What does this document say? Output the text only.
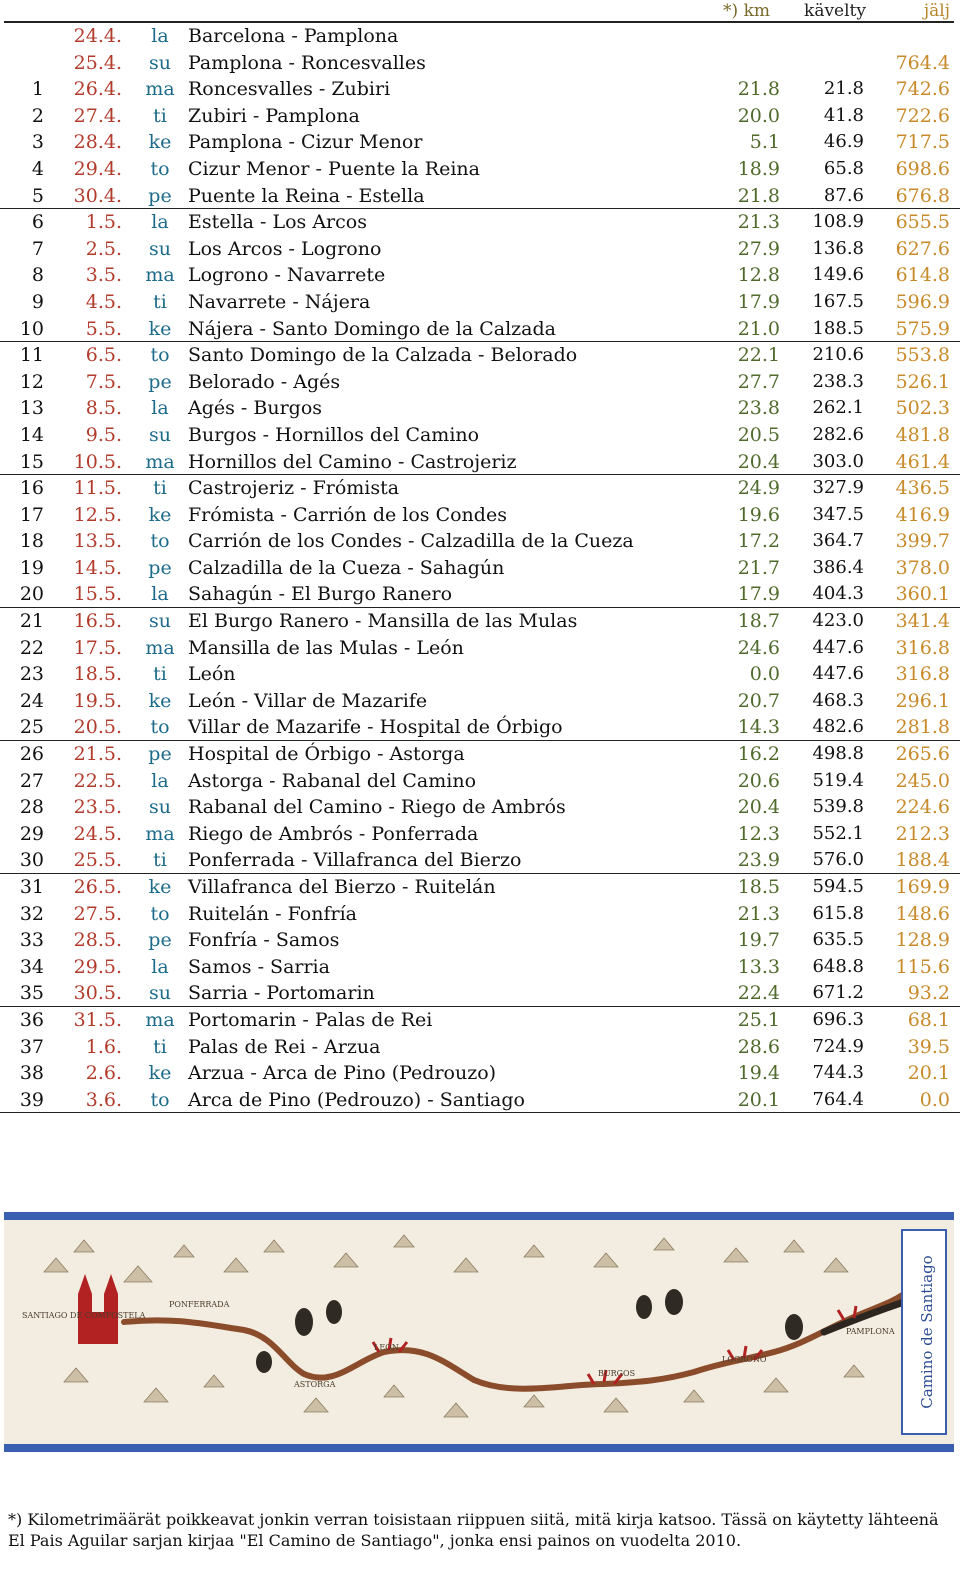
*) km kävelty	jälj
24.4.	la	Barcelona - Pamplona
25.4.	su Pamplona - Roncesvalles	764.4
1	26.4. ma Roncesvalles - Zubiri	21.8 21.8 742.6
2	27.4.	ti	Zubiri - Pamplona	20.0 41.8 722.6
3	28.4.	ke Pamplona - Cizur Menor	5.1 46.9 717.5
4	29.4.	to Cizur Menor - Puente la Reina	18.9 65.8 698.6
5	30.4.	pe Puente la Reina - Estella	21.8 87.6 676.8
6	1.5.	la	Estella - Los Arcos	21.3 108.9 655.5
7	2.5.	su Los Arcos - Logrono	27.9 136.8 627.6
8	3.5. ma Logrono - Navarrete	12.8 149.6 614.8
9	4.5.	ti	Navarrete - Nájera	17.9 167.5 596.9
10	5.5.	ke Nájera - Santo Domingo de la Calzada	21.0 188.5 575.9
11	6.5.	to Santo Domingo de la Calzada - Belorado	22.1 210.6 553.8
12	7.5.	pe Belorado - Agés	27.7 238.3 526.1
13	8.5.	la	Agés - Burgos	23.8 262.1 502.3
14	9.5.	su Burgos - Hornillos del Camino	20.5 282.6 481.8
15	10.5. ma Hornillos del Camino - Castrojeriz	20.4 303.0 461.4
16	11.5.	ti	Castrojeriz - Frómista	24.9 327.9 436.5
17	12.5.	ke Frómista - Carrión de los Condes	19.6 347.5 416.9
18	13.5.	to Carrión de los Condes - Calzadilla de la Cueza	17.2 364.7 399.7
19	14.5.	pe Calzadilla de la Cueza - Sahagún	21.7 386.4 378.0
20	15.5.	la	Sahagún - El Burgo Ranero	17.9 404.3 360.1
21	16.5.	su El Burgo Ranero - Mansilla de las Mulas	18.7 423.0 341.4
22	17.5. ma Mansilla de las Mulas - León	24.6 447.6 316.8
23	18.5.	ti	León	0.0 447.6 316.8
24	19.5.	ke León - Villar de Mazarife	20.7 468.3 296.1
25	20.5.	to Villar de Mazarife - Hospital de Órbigo	14.3 482.6 281.8
26	21.5.	pe Hospital de Órbigo - Astorga	16.2 498.8 265.6
27	22.5.	la	Astorga - Rabanal del Camino	20.6 519.4 245.0
28	23.5.	su Rabanal del Camino - Riego de Ambrós	20.4 539.8 224.6
29	24.5. ma Riego de Ambrós - Ponferrada	12.3 552.1 212.3
30	25.5.	ti	Ponferrada - Villafranca del Bierzo	23.9 576.0 188.4
31	26.5.	ke Villafranca del Bierzo - Ruitelán	18.5 594.5 169.9
32	27.5.	to Ruitelán - Fonfría	21.3 615.8 148.6
33	28.5.	pe Fonfría - Samos	19.7 635.5 128.9
34	29.5.	la	Samos - Sarria	13.3 648.8 115.6
35	30.5.	su Sarria - Portomarin	22.4 671.2 93.2
36	31.5. ma Portomarin - Palas de Rei	25.1 696.3 68.1
37	1.6.	ti	Palas de Rei - Arzua	28.6 724.9 39.5
38	2.6.	ke Arzua - Arca de Pino (Pedrouzo)	19.4 744.3 20.1
39	3.6.	to Arca de Pino (Pedrouzo) - Santiago	20.1 764.4	0.0
SANTIAGO DE COMPOSTELA
PONFERRADA
ASTORGA
LEON
BURGOS
LOGROÑO
PAMPLONA Camino de Santiago
*) Kilometrimäärät poikkeavat jonkin verran toisistaan riippuen siitä, mitä kirja katsoo. Tässä on käytetty lähteenä El Pais Aguilar sarjan kirjaa "El Camino de Santiago", jonka ensi painos on vuodelta 2010.
